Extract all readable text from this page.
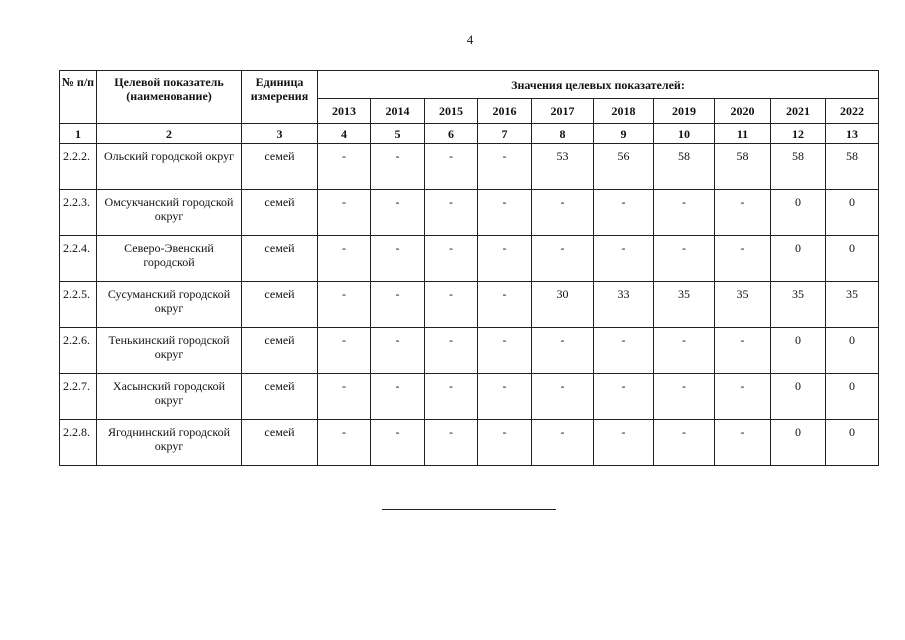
4
№ п/п	Целевой показатель (наименование)	Единица измерения	Значения целевых показателей:									
			2013	2014	2015	2016	2017	2018	2019	2020	2021	2022
1	2	3	4	5	6	7	8	9	10	11	12	13
2.2.2.	Ольский городской округ	семей	-	-	-	-	53	56	58	58	58	58
2.2.3.	Омсукчанский городской округ	семей	-	-	-	-	-	-	-	-	0	0
2.2.4.	Северо-Эвенский городской	семей	-	-	-	-	-	-	-	-	0	0
2.2.5.	Сусуманский городской округ	семей	-	-	-	-	30	33	35	35	35	35
2.2.6.	Тенькинский городской округ	семей	-	-	-	-	-	-	-	-	0	0
2.2.7.	Хасынский городской округ	семей	-	-	-	-	-	-	-	-	0	0
2.2.8.	Ягоднинский городской округ	семей	-	-	-	-	-	-	-	-	0	0
